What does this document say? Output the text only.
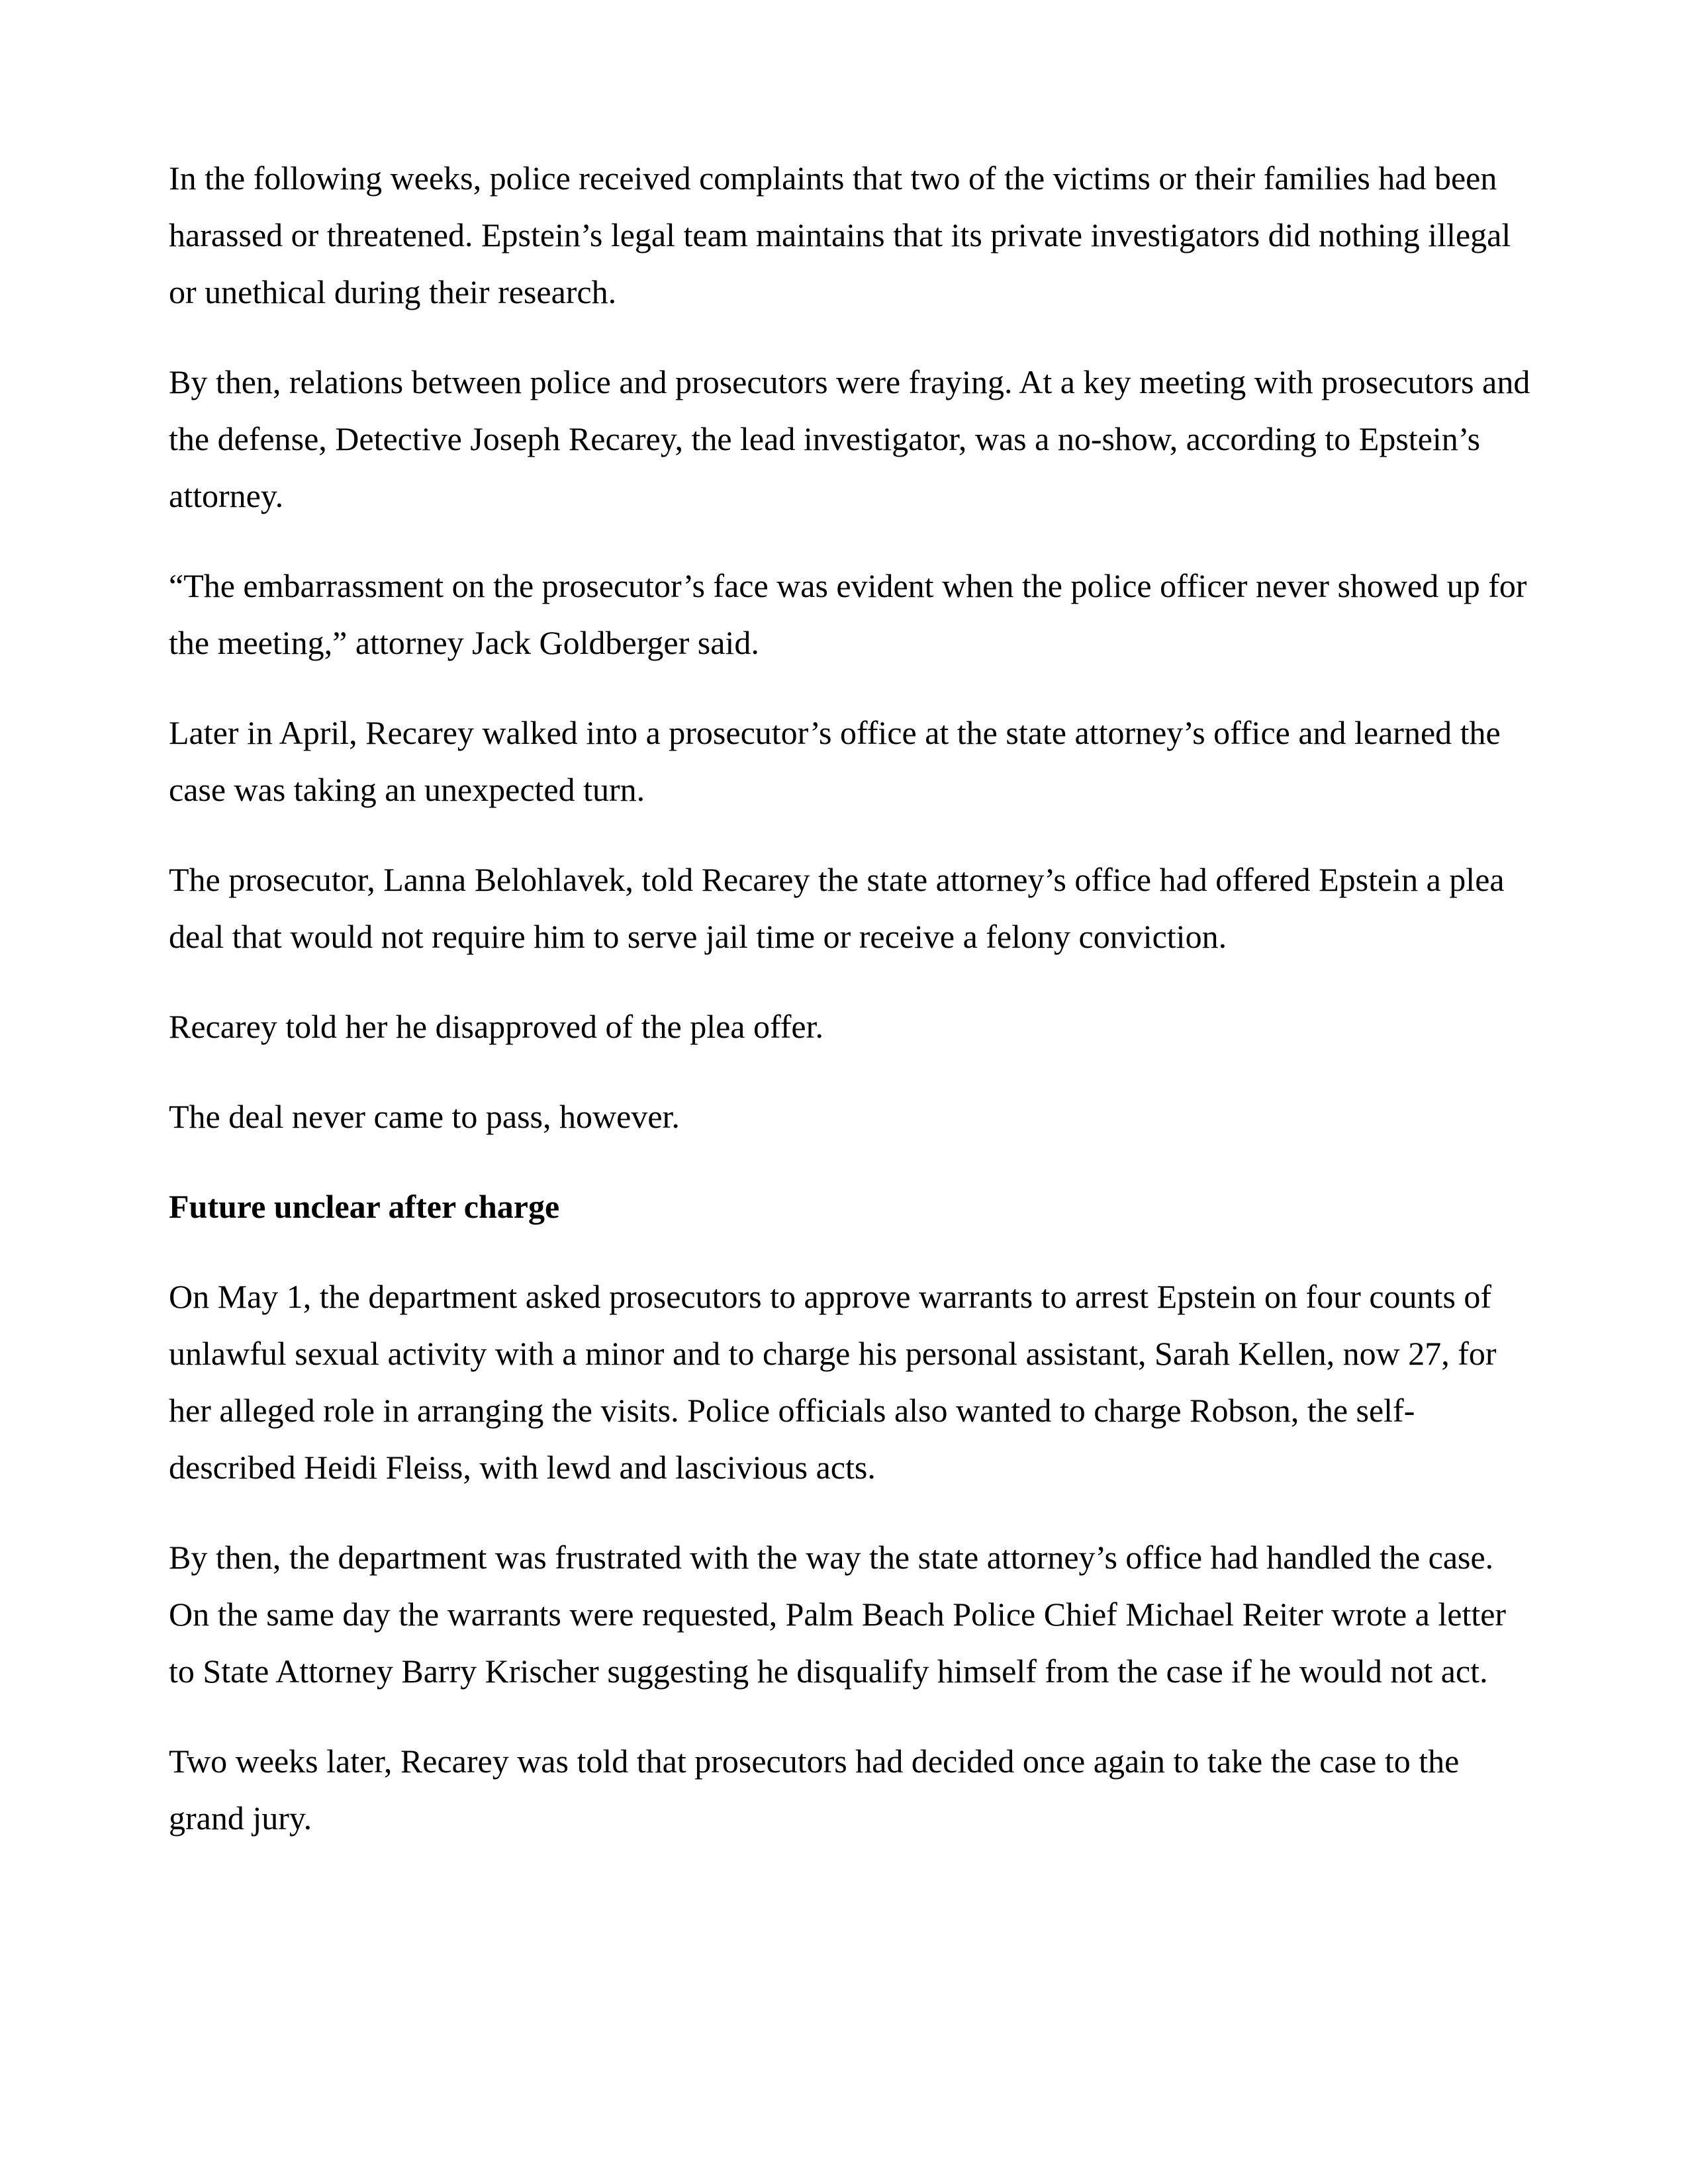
In the following weeks, police received complaints that two of the victims or their families had been harassed or threatened. Epstein’s legal team maintains that its private investigators did nothing illegal or unethical during their research.

By then, relations between police and prosecutors were fraying. At a key meeting with prosecutors and the defense, Detective Joseph Recarey, the lead investigator, was a no-show, according to Epstein’s attorney.

“The embarrassment on the prosecutor’s face was evident when the police officer never showed up for the meeting,” attorney Jack Goldberger said.

Later in April, Recarey walked into a prosecutor’s office at the state attorney’s office and learned the case was taking an unexpected turn.

The prosecutor, Lanna Belohlavek, told Recarey the state attorney’s office had offered Epstein a plea deal that would not require him to serve jail time or receive a felony conviction.

Recarey told her he disapproved of the plea offer.

The deal never came to pass, however.

Future unclear after charge

On May 1, the department asked prosecutors to approve warrants to arrest Epstein on four counts of unlawful sexual activity with a minor and to charge his personal assistant, Sarah Kellen, now 27, for her alleged role in arranging the visits. Police officials also wanted to charge Robson, the self-described Heidi Fleiss, with lewd and lascivious acts.

By then, the department was frustrated with the way the state attorney’s office had handled the case. On the same day the warrants were requested, Palm Beach Police Chief Michael Reiter wrote a letter to State Attorney Barry Krischer suggesting he disqualify himself from the case if he would not act.

Two weeks later, Recarey was told that prosecutors had decided once again to take the case to the grand jury.
